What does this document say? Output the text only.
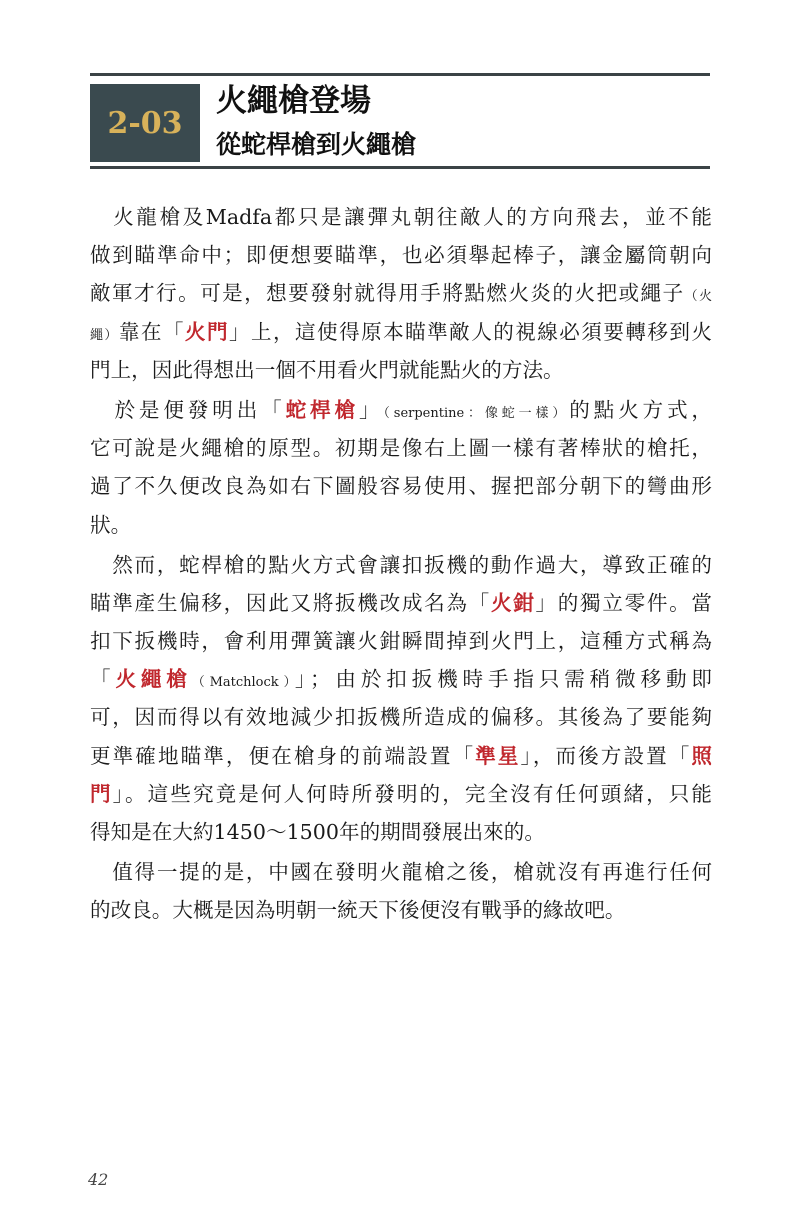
2-03
火繩槍登場
從蛇桿槍到火繩槍
　火龍槍及Madfa都只是讓彈丸朝往敵人的方向飛去，並不能
做到瞄準命中；即便想要瞄準，也必須舉起棒子，讓金屬筒朝向
敵軍才行。可是，想要發射就得用手將點燃火炎的火把或繩子（火
繩）靠在「火門」上，這使得原本瞄準敵人的視線必須要轉移到火
門上，因此得想出一個不用看火門就能點火的方法。
　於是便發明出「蛇桿槍」（serpentine：像蛇一樣）的點火方式，
它可說是火繩槍的原型。初期是像右上圖一樣有著棒狀的槍托，
過了不久便改良為如右下圖般容易使用、握把部分朝下的彎曲形
狀。
　然而，蛇桿槍的點火方式會讓扣扳機的動作過大，導致正確的
瞄準產生偏移，因此又將扳機改成名為「火鉗」的獨立零件。當
扣下扳機時，會利用彈簧讓火鉗瞬間掉到火門上，這種方式稱為
「火繩槍（Matchlock）」；由於扣扳機時手指只需稍微移動即
可，因而得以有效地減少扣扳機所造成的偏移。其後為了要能夠
更準確地瞄準，便在槍身的前端設置「準星」，而後方設置「照
門」。這些究竟是何人何時所發明的，完全沒有任何頭緒，只能
得知是在大約1450～1500年的期間發展出來的。
　值得一提的是，中國在發明火龍槍之後，槍就沒有再進行任何
的改良。大概是因為明朝一統天下後便沒有戰爭的緣故吧。
42
